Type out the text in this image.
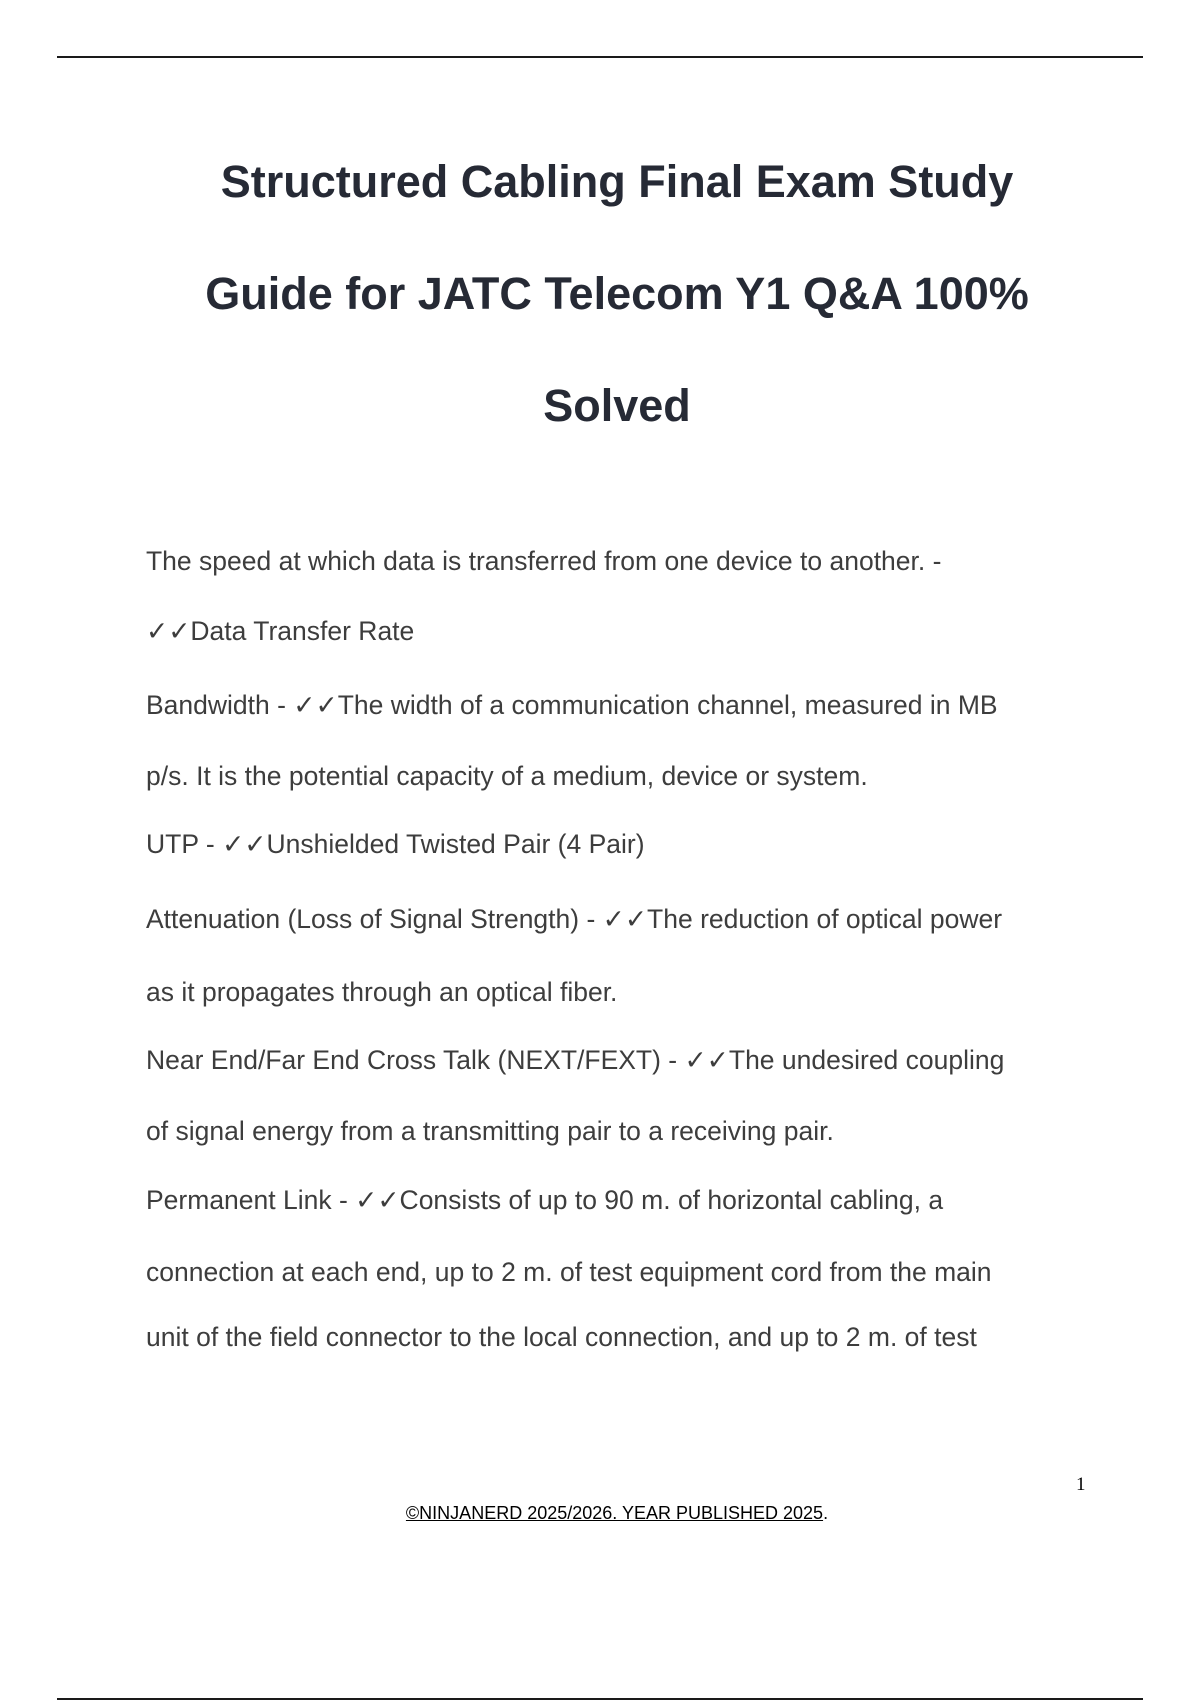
Structured Cabling Final Exam Study
Guide for JATC Telecom Y1 Q&A 100%
Solved
The speed at which data is transferred from one device to another. -
✓✓Data Transfer Rate
Bandwidth - ✓✓The width of a communication channel, measured in MB
p/s. It is the potential capacity of a medium, device or system.
UTP - ✓✓Unshielded Twisted Pair (4 Pair)
Attenuation (Loss of Signal Strength) - ✓✓The reduction of optical power
as it propagates through an optical fiber.
Near End/Far End Cross Talk (NEXT/FEXT) - ✓✓The undesired coupling
of signal energy from a transmitting pair to a receiving pair.
Permanent Link - ✓✓Consists of up to 90 m. of horizontal cabling, a
connection at each end, up to 2 m. of test equipment cord from the main
unit of the field connector to the local connection, and up to 2 m. of test
1
©NINJANERD 2025/2026. YEAR PUBLISHED 2025.
